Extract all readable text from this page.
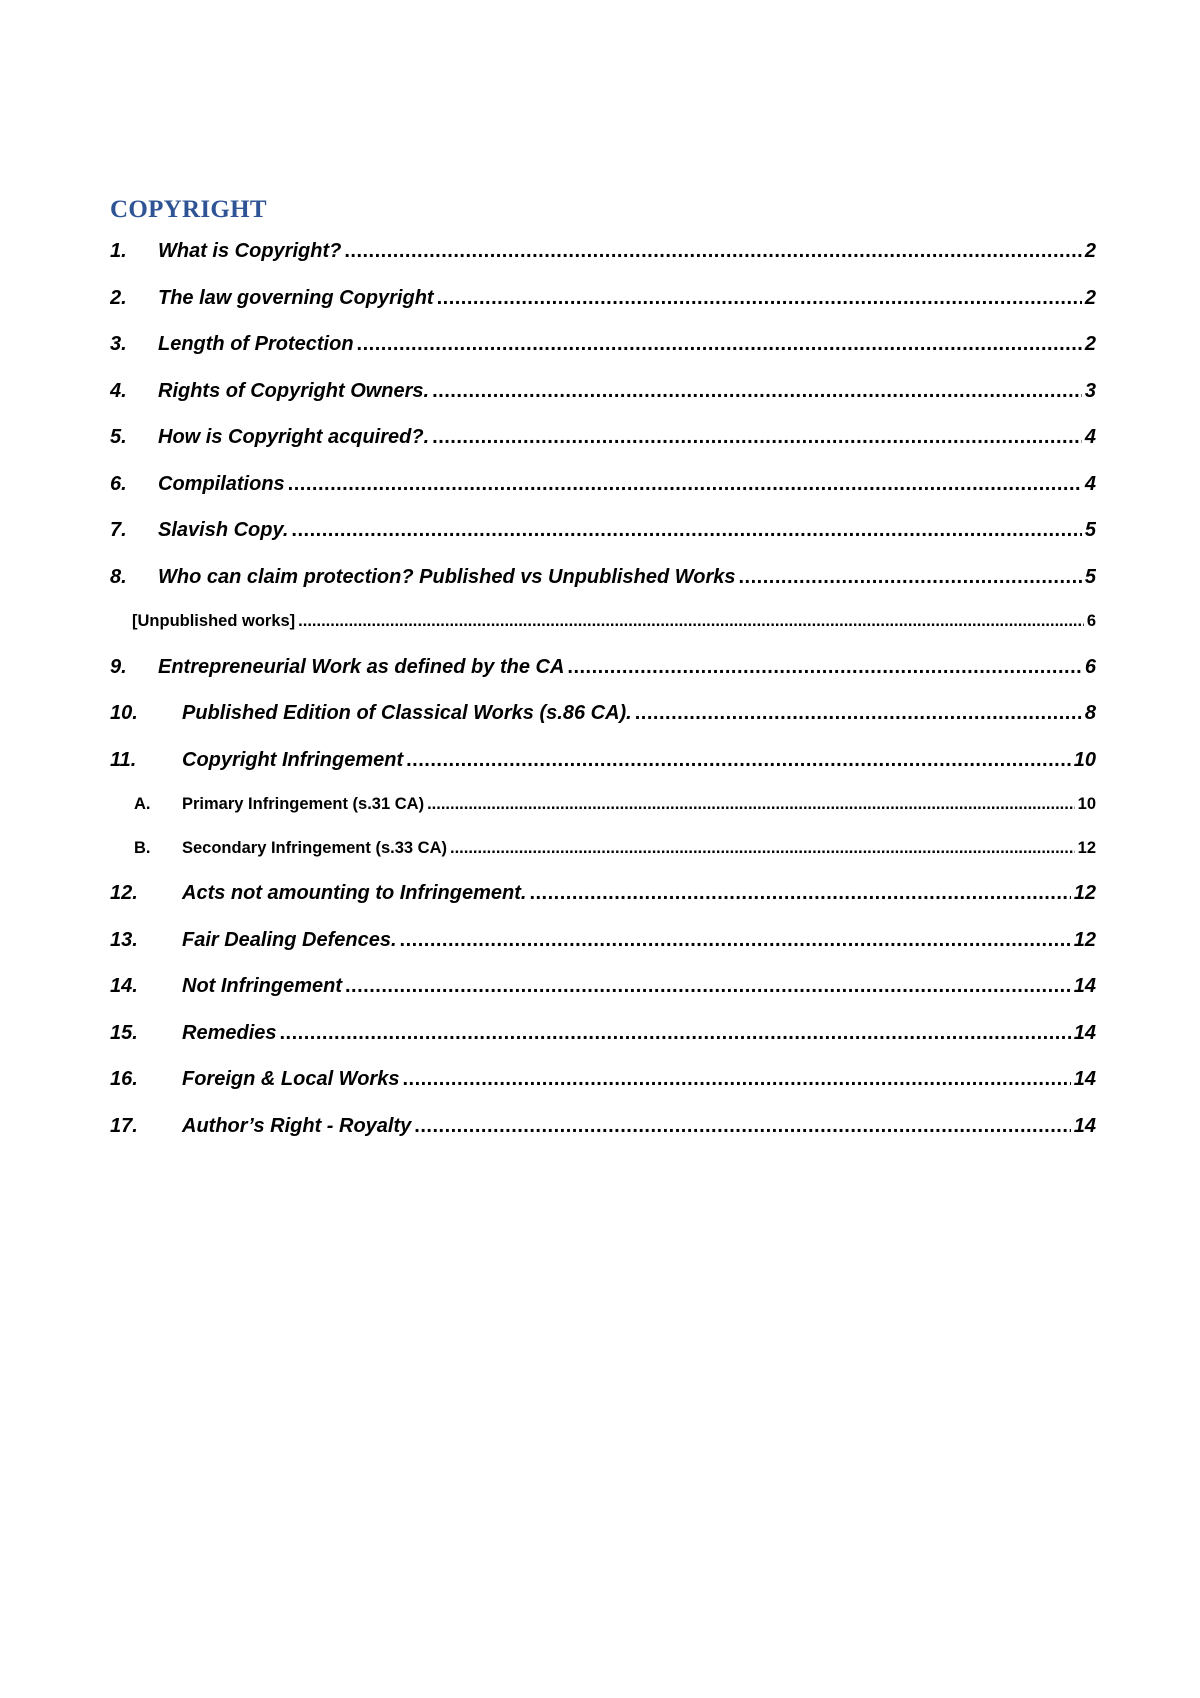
COPYRIGHT
1.	What is Copyright? .....	2
2.	The law governing Copyright .....	2
3.	Length of Protection .....	2
4.	Rights of Copyright Owners. .....	3
5.	How is Copyright acquired?. .....	4
6.	Compilations .....	4
7.	Slavish Copy. .....	5
8.	Who can claim protection? Published vs Unpublished Works .....	5
[Unpublished works] .....	6
9.	Entrepreneurial Work as defined by the CA .....	6
10.	Published Edition of Classical Works (s.86 CA). .....	8
11.	Copyright Infringement .....	10
A.	Primary Infringement (s.31 CA) .....	10
B.	Secondary Infringement (s.33 CA) .....	12
12.	Acts not amounting to Infringement. .....	12
13.	Fair Dealing Defences. .....	12
14.	Not Infringement .....	14
15.	Remedies .....	14
16.	Foreign & Local Works .....	14
17.	Author’s Right - Royalty .....	14
